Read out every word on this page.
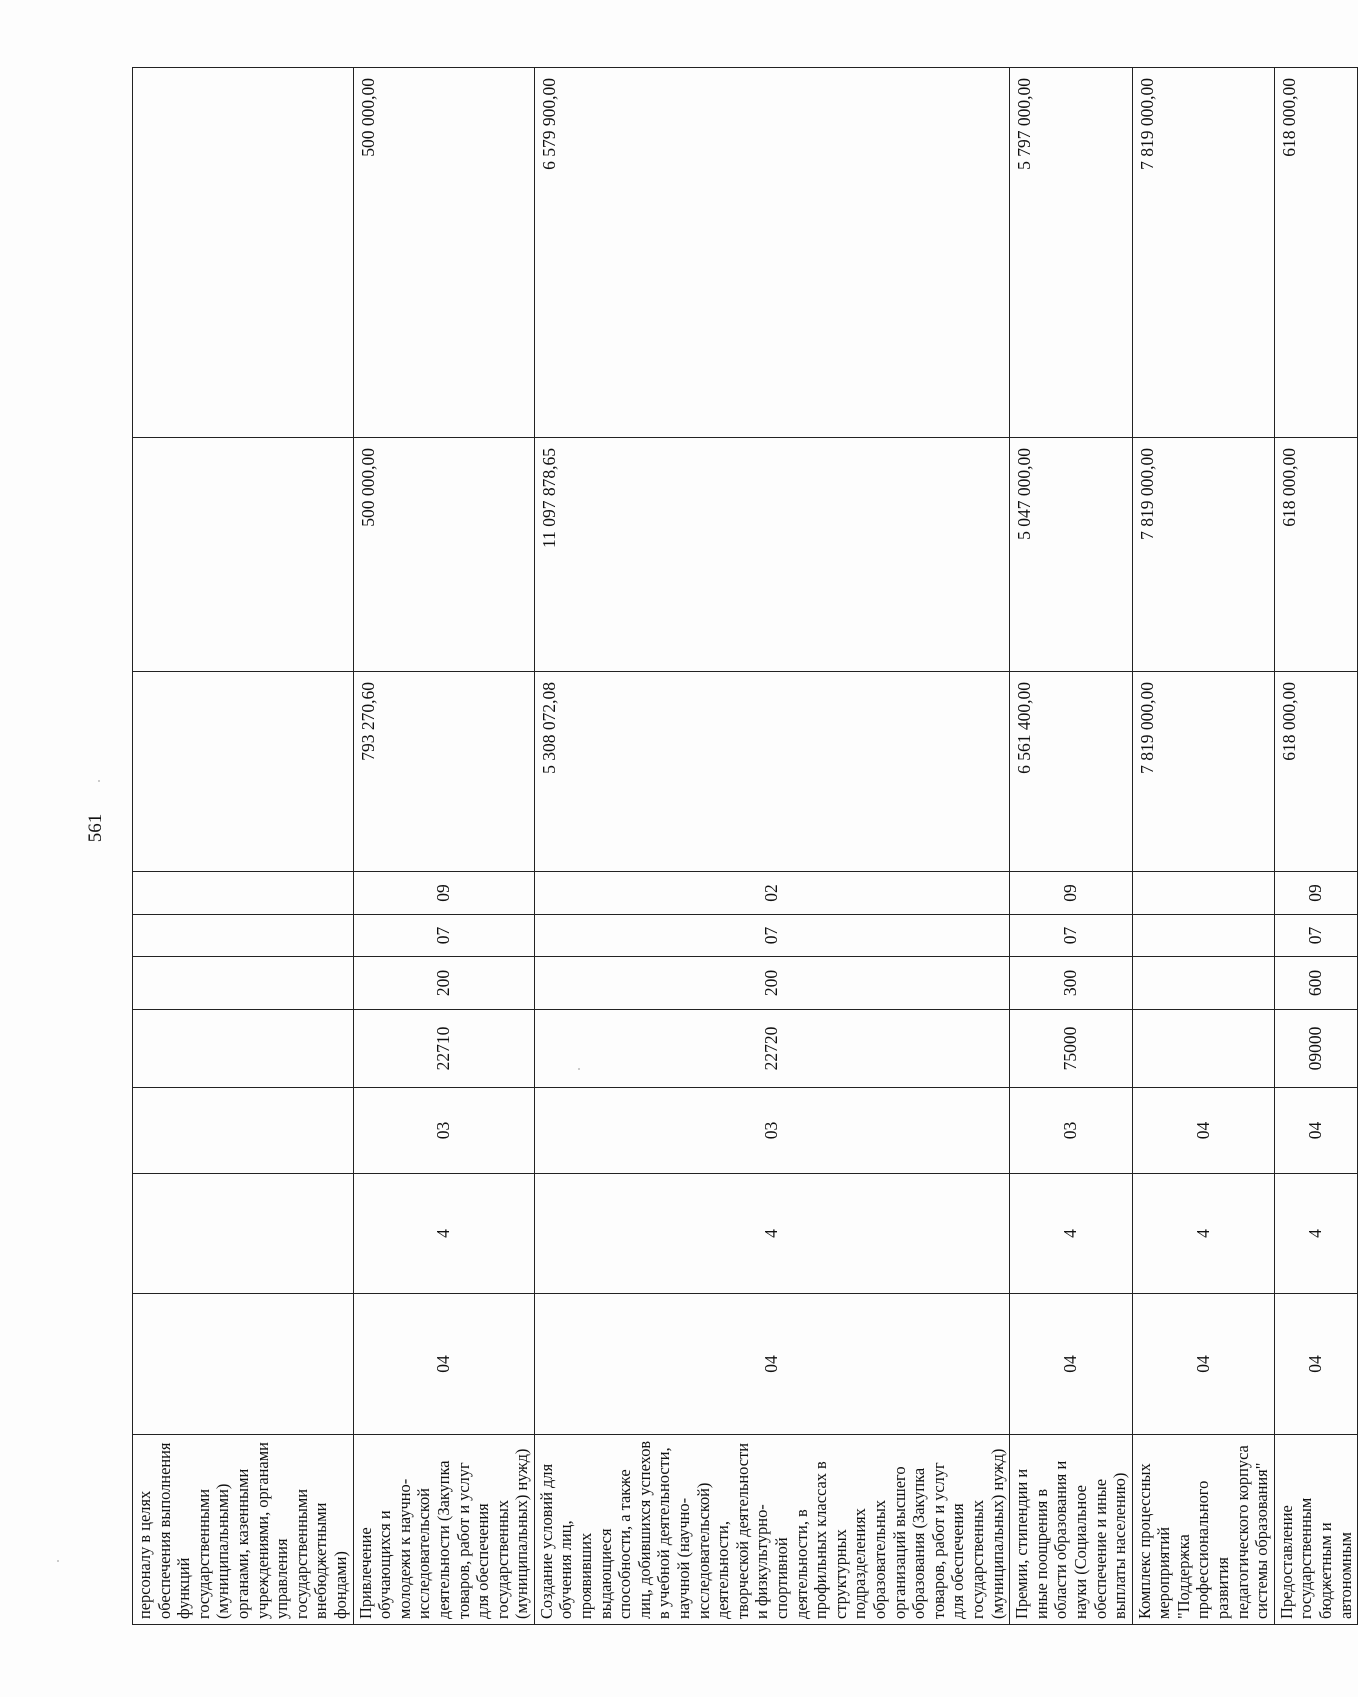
561
персоналу в целях обеспечения выполнения функций государственными (муниципальными) органами, казенными учреждениями, органами управления государственными внебюджетными фондами)										
Привлечение обучающихся и молодежи к научно-исследовательской деятельности (Закупка товаров, работ и услуг для обеспечения государственных (муниципальных) нужд)	04	4	03	22710	200	07	09	793 270,60	500 000,00	500 000,00
Создание условий для обучения лиц, проявивших выдающиеся способности, а также лиц, добившихся успехов в учебной деятельности, научной (научно-исследовательской) деятельности, творческой деятельности и физкультурно-спортивной деятельности, в профильных классах в структурных подразделениях образовательных организаций высшего образования (Закупка товаров, работ и услуг для обеспечения государственных (муниципальных) нужд)	04	4	03	22720	200	07	02	5 308 072,08	11 097 878,65	6 579 900,00
Премии, стипендии и иные поощрения в области образования и науки (Социальное обеспечение и иные выплаты населению)	04	4	03	75000	300	07	09	6 561 400,00	5 047 000,00	5 797 000,00
Комплекс процессных мероприятий "Поддержка профессионального развития педагогического корпуса системы образования"	04	4	04					7 819 000,00	7 819 000,00	7 819 000,00
Предоставление государственным бюджетным и автономным	04	4	04	09000	600	07	09	618 000,00	618 000,00	618 000,00
